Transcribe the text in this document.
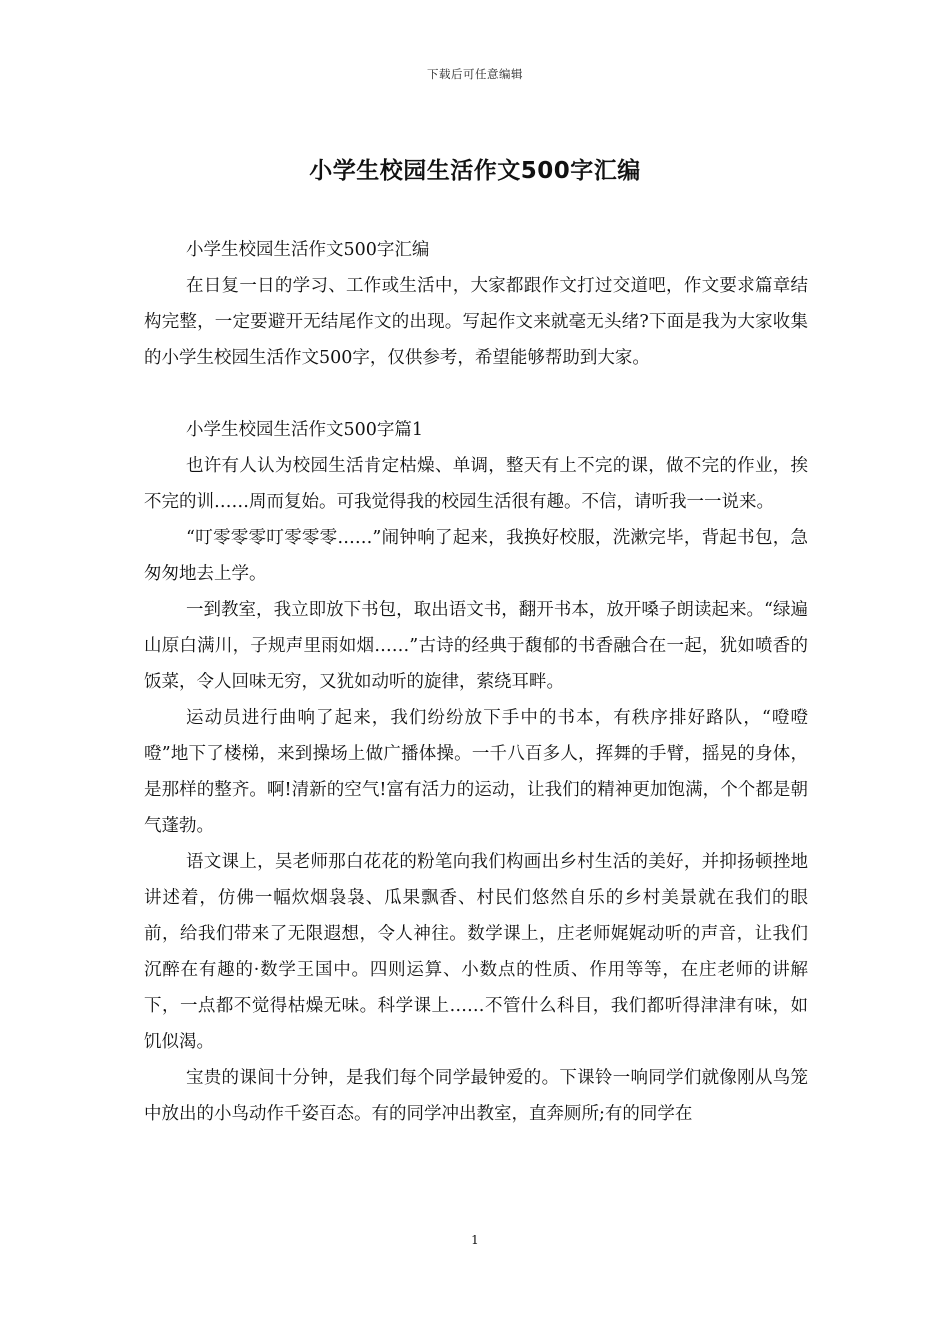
下载后可任意编辑
小学生校园生活作文500字汇编

小学生校园生活作文500字汇编

在日复一日的学习、工作或生活中，大家都跟作文打过交道吧，作文要求篇章结构完整，一定要避开无结尾作文的出现。写起作文来就毫无头绪?下面是我为大家收集的小学生校园生活作文500字，仅供参考，希望能够帮助到大家。

小学生校园生活作文500字篇1

也许有人认为校园生活肯定枯燥、单调，整天有上不完的课，做不完的作业，挨不完的训……周而复始。可我觉得我的校园生活很有趣。不信，请听我一一说来。

“叮零零零叮零零零……”闹钟响了起来，我换好校服，洗漱完毕，背起书包，急匆匆地去上学。

一到教室，我立即放下书包，取出语文书，翻开书本，放开嗓子朗读起来。“绿遍山原白满川，子规声里雨如烟……”古诗的经典于馥郁的书香融合在一起，犹如喷香的饭菜，令人回味无穷，又犹如动听的旋律，萦绕耳畔。

运动员进行曲响了起来，我们纷纷放下手中的书本，有秩序排好路队，“噔噔噔”地下了楼梯，来到操场上做广播体操。一千八百多人，挥舞的手臂，摇晃的身体，是那样的整齐。啊!清新的空气!富有活力的运动，让我们的精神更加饱满，个个都是朝气蓬勃。

语文课上，吴老师那白花花的粉笔向我们构画出乡村生活的美好，并抑扬顿挫地讲述着，仿佛一幅炊烟袅袅、瓜果飘香、村民们悠然自乐的乡村美景就在我们的眼前，给我们带来了无限遐想，令人神往。数学课上，庄老师娓娓动听的声音，让我们沉醉在有趣的·数学王国中。四则运算、小数点的性质、作用等等，在庄老师的讲解下，一点都不觉得枯燥无味。科学课上……不管什么科目，我们都听得津津有味，如饥似渴。

宝贵的课间十分钟，是我们每个同学最钟爱的。下课铃一响同学们就像刚从鸟笼中放出的小鸟动作千姿百态。有的同学冲出教室，直奔厕所;有的同学在

1
